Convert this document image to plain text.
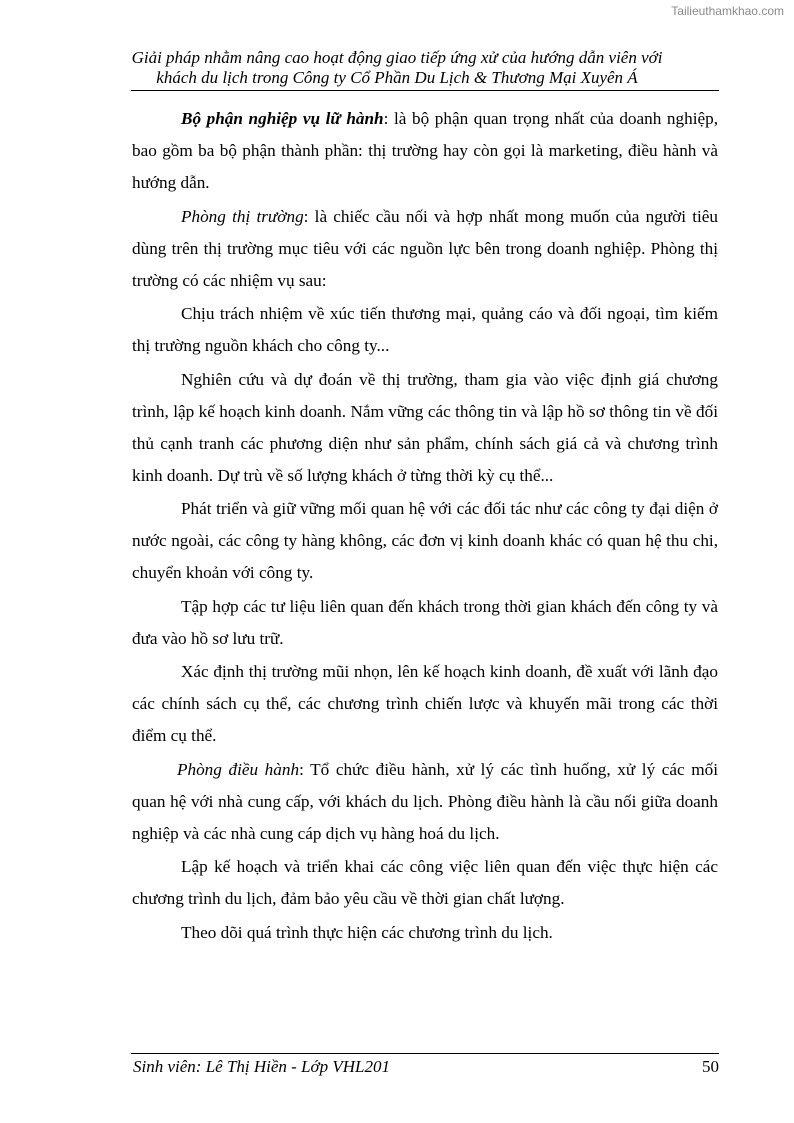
Tailieuthamkhao.com
Giải pháp nhằm nâng cao hoạt động giao tiếp ứng xử của hướng dẫn viên với
khách du lịch trong Công ty Cổ Phần Du Lịch & Thương Mại Xuyên Á

Bộ phận nghiệp vụ lữ hành: là bộ phận quan trọng nhất của doanh nghiệp, bao gồm ba bộ phận thành phần: thị trường hay còn gọi là marketing, điều hành và hướng dẫn.

Phòng thị trường: là chiếc cầu nối và hợp nhất mong muốn của người tiêu dùng trên thị trường mục tiêu với các nguồn lực bên trong doanh nghiệp. Phòng thị trường có các nhiệm vụ sau:

Chịu trách nhiệm về xúc tiến thương mại, quảng cáo và đối ngoại, tìm kiếm thị trường nguồn khách cho công ty...

Nghiên cứu và dự đoán về thị trường, tham gia vào việc định giá chương trình, lập kế hoạch kinh doanh. Nắm vững các thông tin và lập hồ sơ thông tin về đối thủ cạnh tranh các phương diện như sản phẩm, chính sách giá cả và chương trình kinh doanh. Dự trù về số lượng khách ở từng thời kỳ cụ thể...

Phát triển và giữ vững mối quan hệ với các đối tác như các công ty đại diện ở nước ngoài, các công ty hàng không, các đơn vị kinh doanh khác có quan hệ thu chi, chuyển khoản với công ty.

Tập hợp các tư liệu liên quan đến khách trong thời gian khách đến công ty và đưa vào hồ sơ lưu trữ.

Xác định thị trường mũi nhọn, lên kế hoạch kinh doanh, đề xuất với lãnh đạo các chính sách cụ thể, các chương trình chiến lược và khuyến mãi trong các thời điểm cụ thể.

Phòng điều hành: Tổ chức điều hành, xử lý các tình huống, xử lý các mối quan hệ với nhà cung cấp, với khách du lịch. Phòng điều hành là cầu nối giữa doanh nghiệp và các nhà cung cáp dịch vụ hàng hoá du lịch.

Lập kế hoạch và triển khai các công việc liên quan đến việc thực hiện các chương trình du lịch, đảm bảo yêu cầu về thời gian chất lượng.

Theo dõi quá trình thực hiện các chương trình du lịch.

Sinh viên: Lê Thị Hiền - Lớp VHL201	50
